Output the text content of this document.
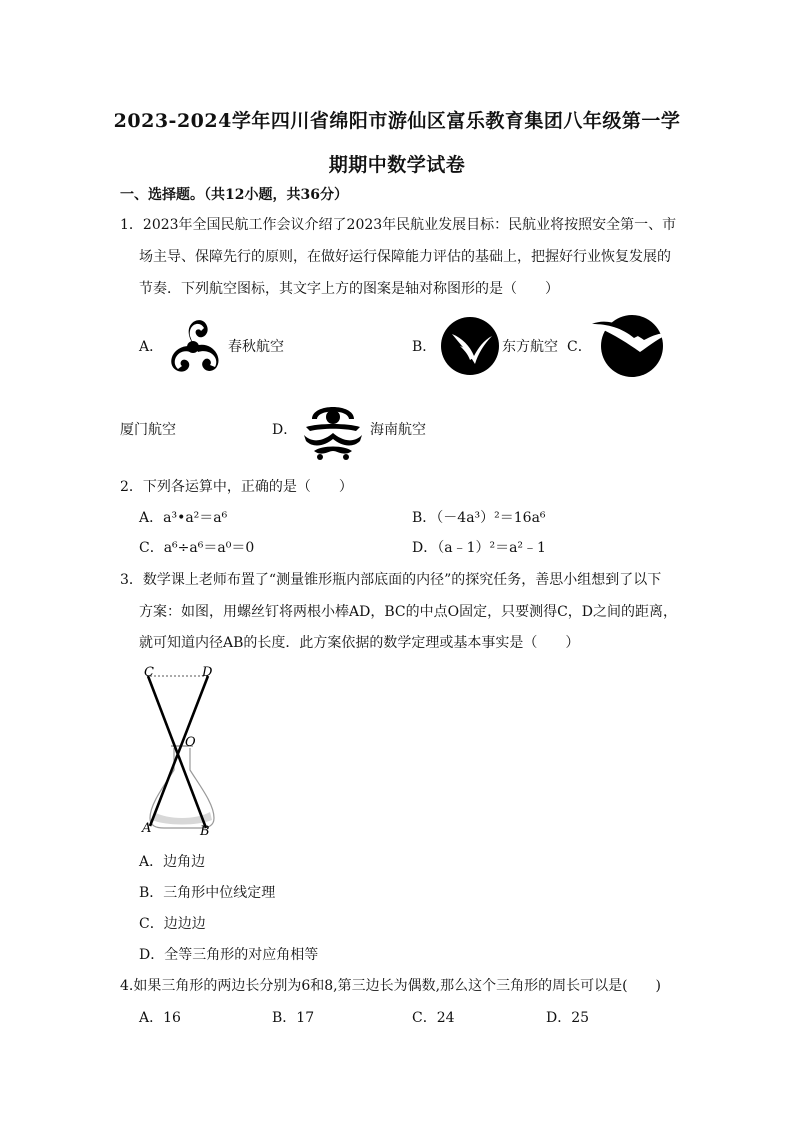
2023-2024学年四川省绵阳市游仙区富乐教育集团八年级第一学
期期中数学试卷
一、选择题。（共12小题，共36分）
1．2023年全国民航工作会议介绍了2023年民航业发展目标：民航业将按照安全第一、市
场主导、保障先行的原则，在做好运行保障能力评估的基础上，把握好行业恢复发展的
节奏．下列航空图标，其文字上方的图案是轴对称图形的是（　　）
A．	春秋航空	B．	东方航空 C．
厦门航空	D．	海南航空
2．下列各运算中，正确的是（　　）
A．a³•a²＝a⁶	B．（－4a³）²＝16a⁶
C．a⁶÷a⁶＝a⁰＝0	D．（a﹣1）²＝a²﹣1
3．数学课上老师布置了“测量锥形瓶内部底面的内径”的探究任务，善思小组想到了以下
方案：如图，用螺丝钉将两根小棒AD，BC的中点O固定，只要测得C，D之间的距离，
就可知道内径AB的长度．此方案依据的数学定理或基本事实是（　　）
C	D
O
A	B
A．边角边
B．三角形中位线定理
C．边边边
D．全等三角形的对应角相等
4.如果三角形的两边长分别为6和8,第三边长为偶数,那么这个三角形的周长可以是(　　)
A．16	B．17	C．24	D．25
